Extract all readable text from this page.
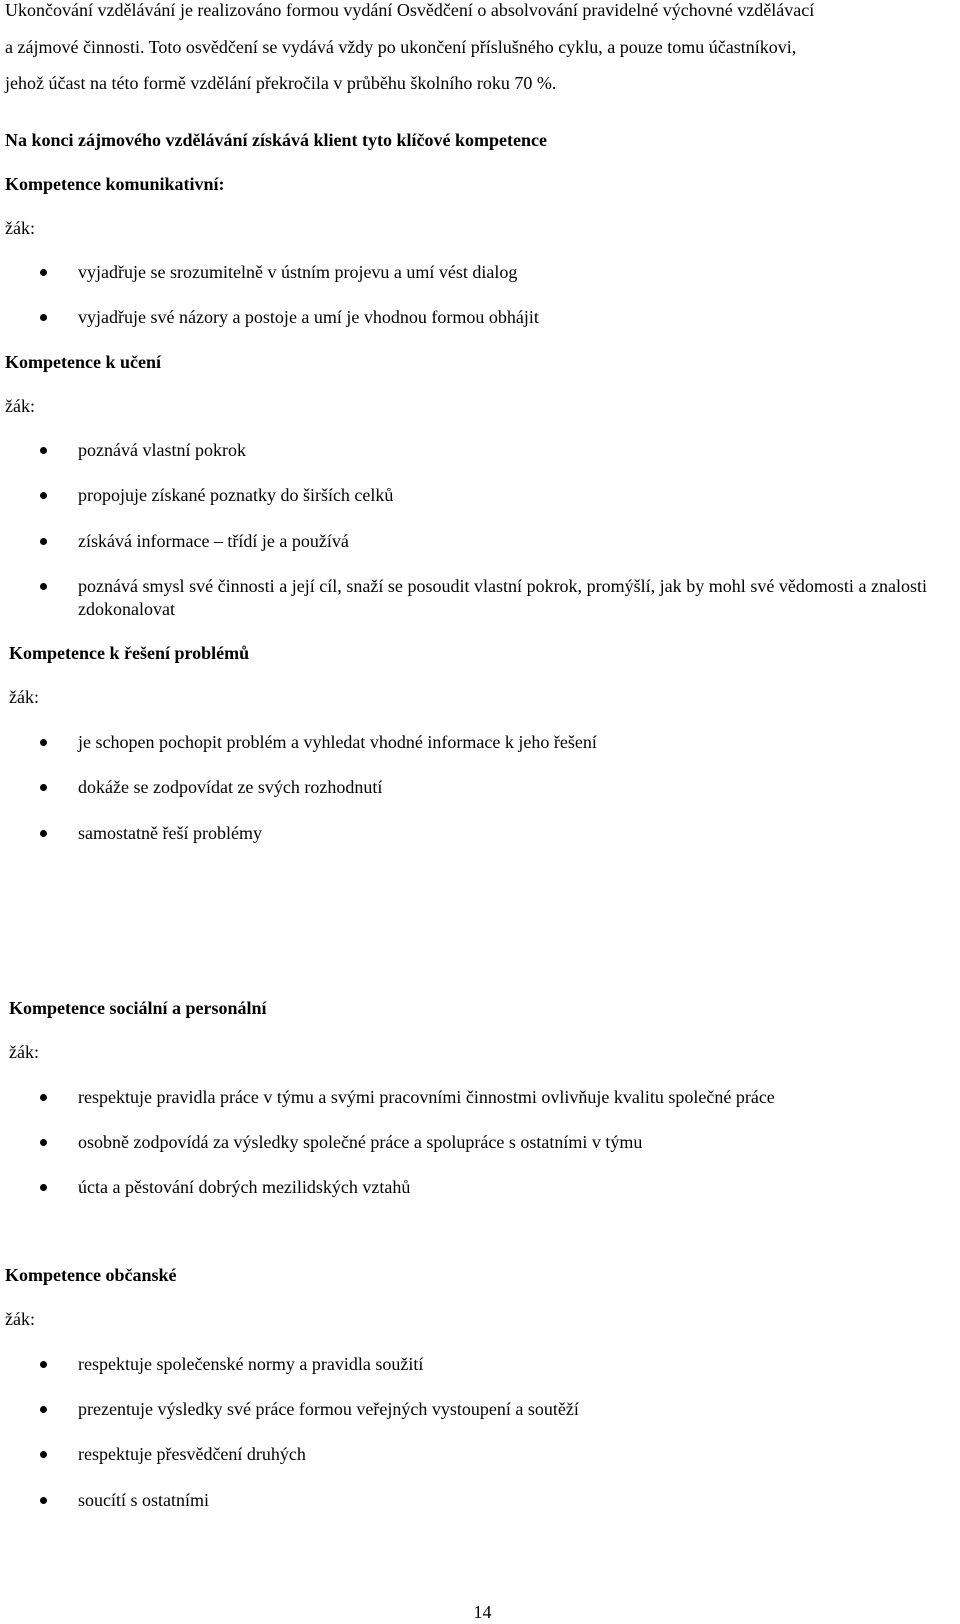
Ukončování vzdělávání je realizováno formou vydání Osvědčení o absolvování pravidelné výchovné vzdělávací
a zájmové činnosti. Toto osvědčení se vydává vždy po ukončení příslušného cyklu, a pouze tomu účastníkovi,
jehož účast na této formě vzdělání překročila v průběhu školního roku 70 %.
Na konci zájmového vzdělávání získává klient tyto klíčové kompetence
Kompetence komunikativní:
žák:
vyjadřuje se srozumitelně v ústním projevu a umí vést dialog
vyjadřuje své názory a postoje a umí je vhodnou formou obhájit
Kompetence k učení
žák:
poznává vlastní pokrok
propojuje získané poznatky do širších celků
získává informace – třídí je a používá
poznává smysl své činnosti a její cíl, snaží se posoudit vlastní pokrok, promýšlí, jak by mohl své vědomosti a znalosti zdokonalovat
Kompetence k řešení problémů
žák:
je schopen pochopit problém a vyhledat vhodné informace k jeho řešení
dokáže se zodpovídat ze svých rozhodnutí
samostatně řeší problémy
Kompetence sociální a personální
žák:
respektuje pravidla práce v týmu a svými pracovními činnostmi ovlivňuje kvalitu společné práce
osobně zodpovídá za výsledky společné práce a spolupráce s ostatními v týmu
úcta a pěstování dobrých mezilidských vztahů
Kompetence občanské
žák:
respektuje společenské normy a pravidla soužití
prezentuje výsledky své práce formou veřejných vystoupení a soutěží
respektuje přesvědčení druhých
soucítí s ostatními
14
